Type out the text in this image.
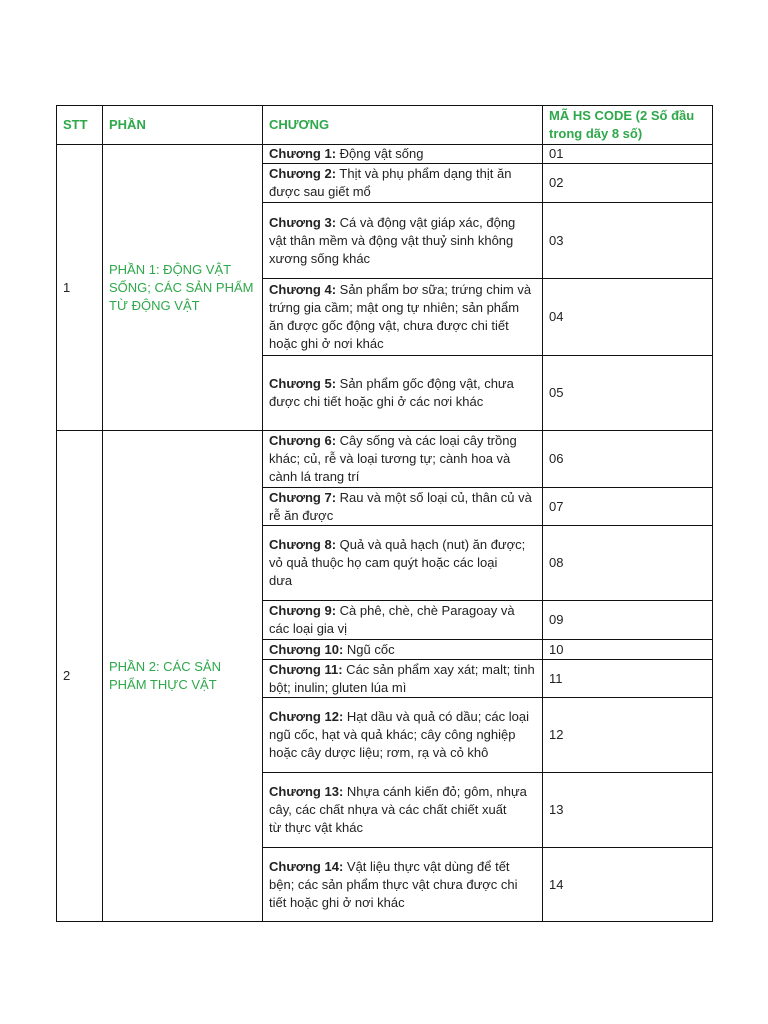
STT	PHẦN	CHƯƠNG	MÃ HS CODE (2 Số đầu trong dãy 8 số)
1	PHẦN 1: ĐỘNG VẬT SỐNG; CÁC SẢN PHẨM TỪ ĐỘNG VẬT	Chương 1: Động vật sống	01
		Chương 2: Thịt và phụ phẩm dạng thịt ăn được sau giết mổ	02
		Chương 3: Cá và động vật giáp xác, động vật thân mềm và động vật thuỷ sinh không
xương sống khác	03
		Chương 4: Sản phẩm bơ sữa; trứng chim và trứng gia cầm; mật ong tự nhiên; sản phẩm ăn được gốc động vật, chưa được chi tiết hoặc ghi ở nơi khác	04
		Chương 5: Sản phẩm gốc động vật, chưa được chi tiết hoặc ghi ở các nơi khác	05
2	PHẦN 2: CÁC SẢN PHẨM THỰC VẬT	Chương 6: Cây sống và các loại cây trồng khác; củ, rễ và loại tương tự; cành hoa và cành lá trang trí	06
		Chương 7: Rau và một số loại củ, thân củ và rễ ăn được	07
		Chương 8: Quả và quả hạch (nut) ăn được; vỏ quả thuộc họ cam quýt hoặc các loại
dưa	08
		Chương 9: Cà phê, chè, chè Paragoay và các loại gia vị	09
		Chương 10: Ngũ cốc	10
		Chương 11: Các sản phẩm xay xát; malt; tinh bột; inulin; gluten lúa mì	11
		Chương 12: Hạt dầu và quả có dầu; các loại ngũ cốc, hạt và quả khác; cây công nghiệp
hoặc cây dược liệu; rơm, rạ và cỏ khô	12
		Chương 13: Nhựa cánh kiến đỏ; gôm, nhựa cây, các chất nhựa và các chất chiết xuất
từ thực vật khác	13
		Chương 14: Vật liệu thực vật dùng để tết bện; các sản phẩm thực vật chưa được chi
tiết hoặc ghi ở nơi khác	14
